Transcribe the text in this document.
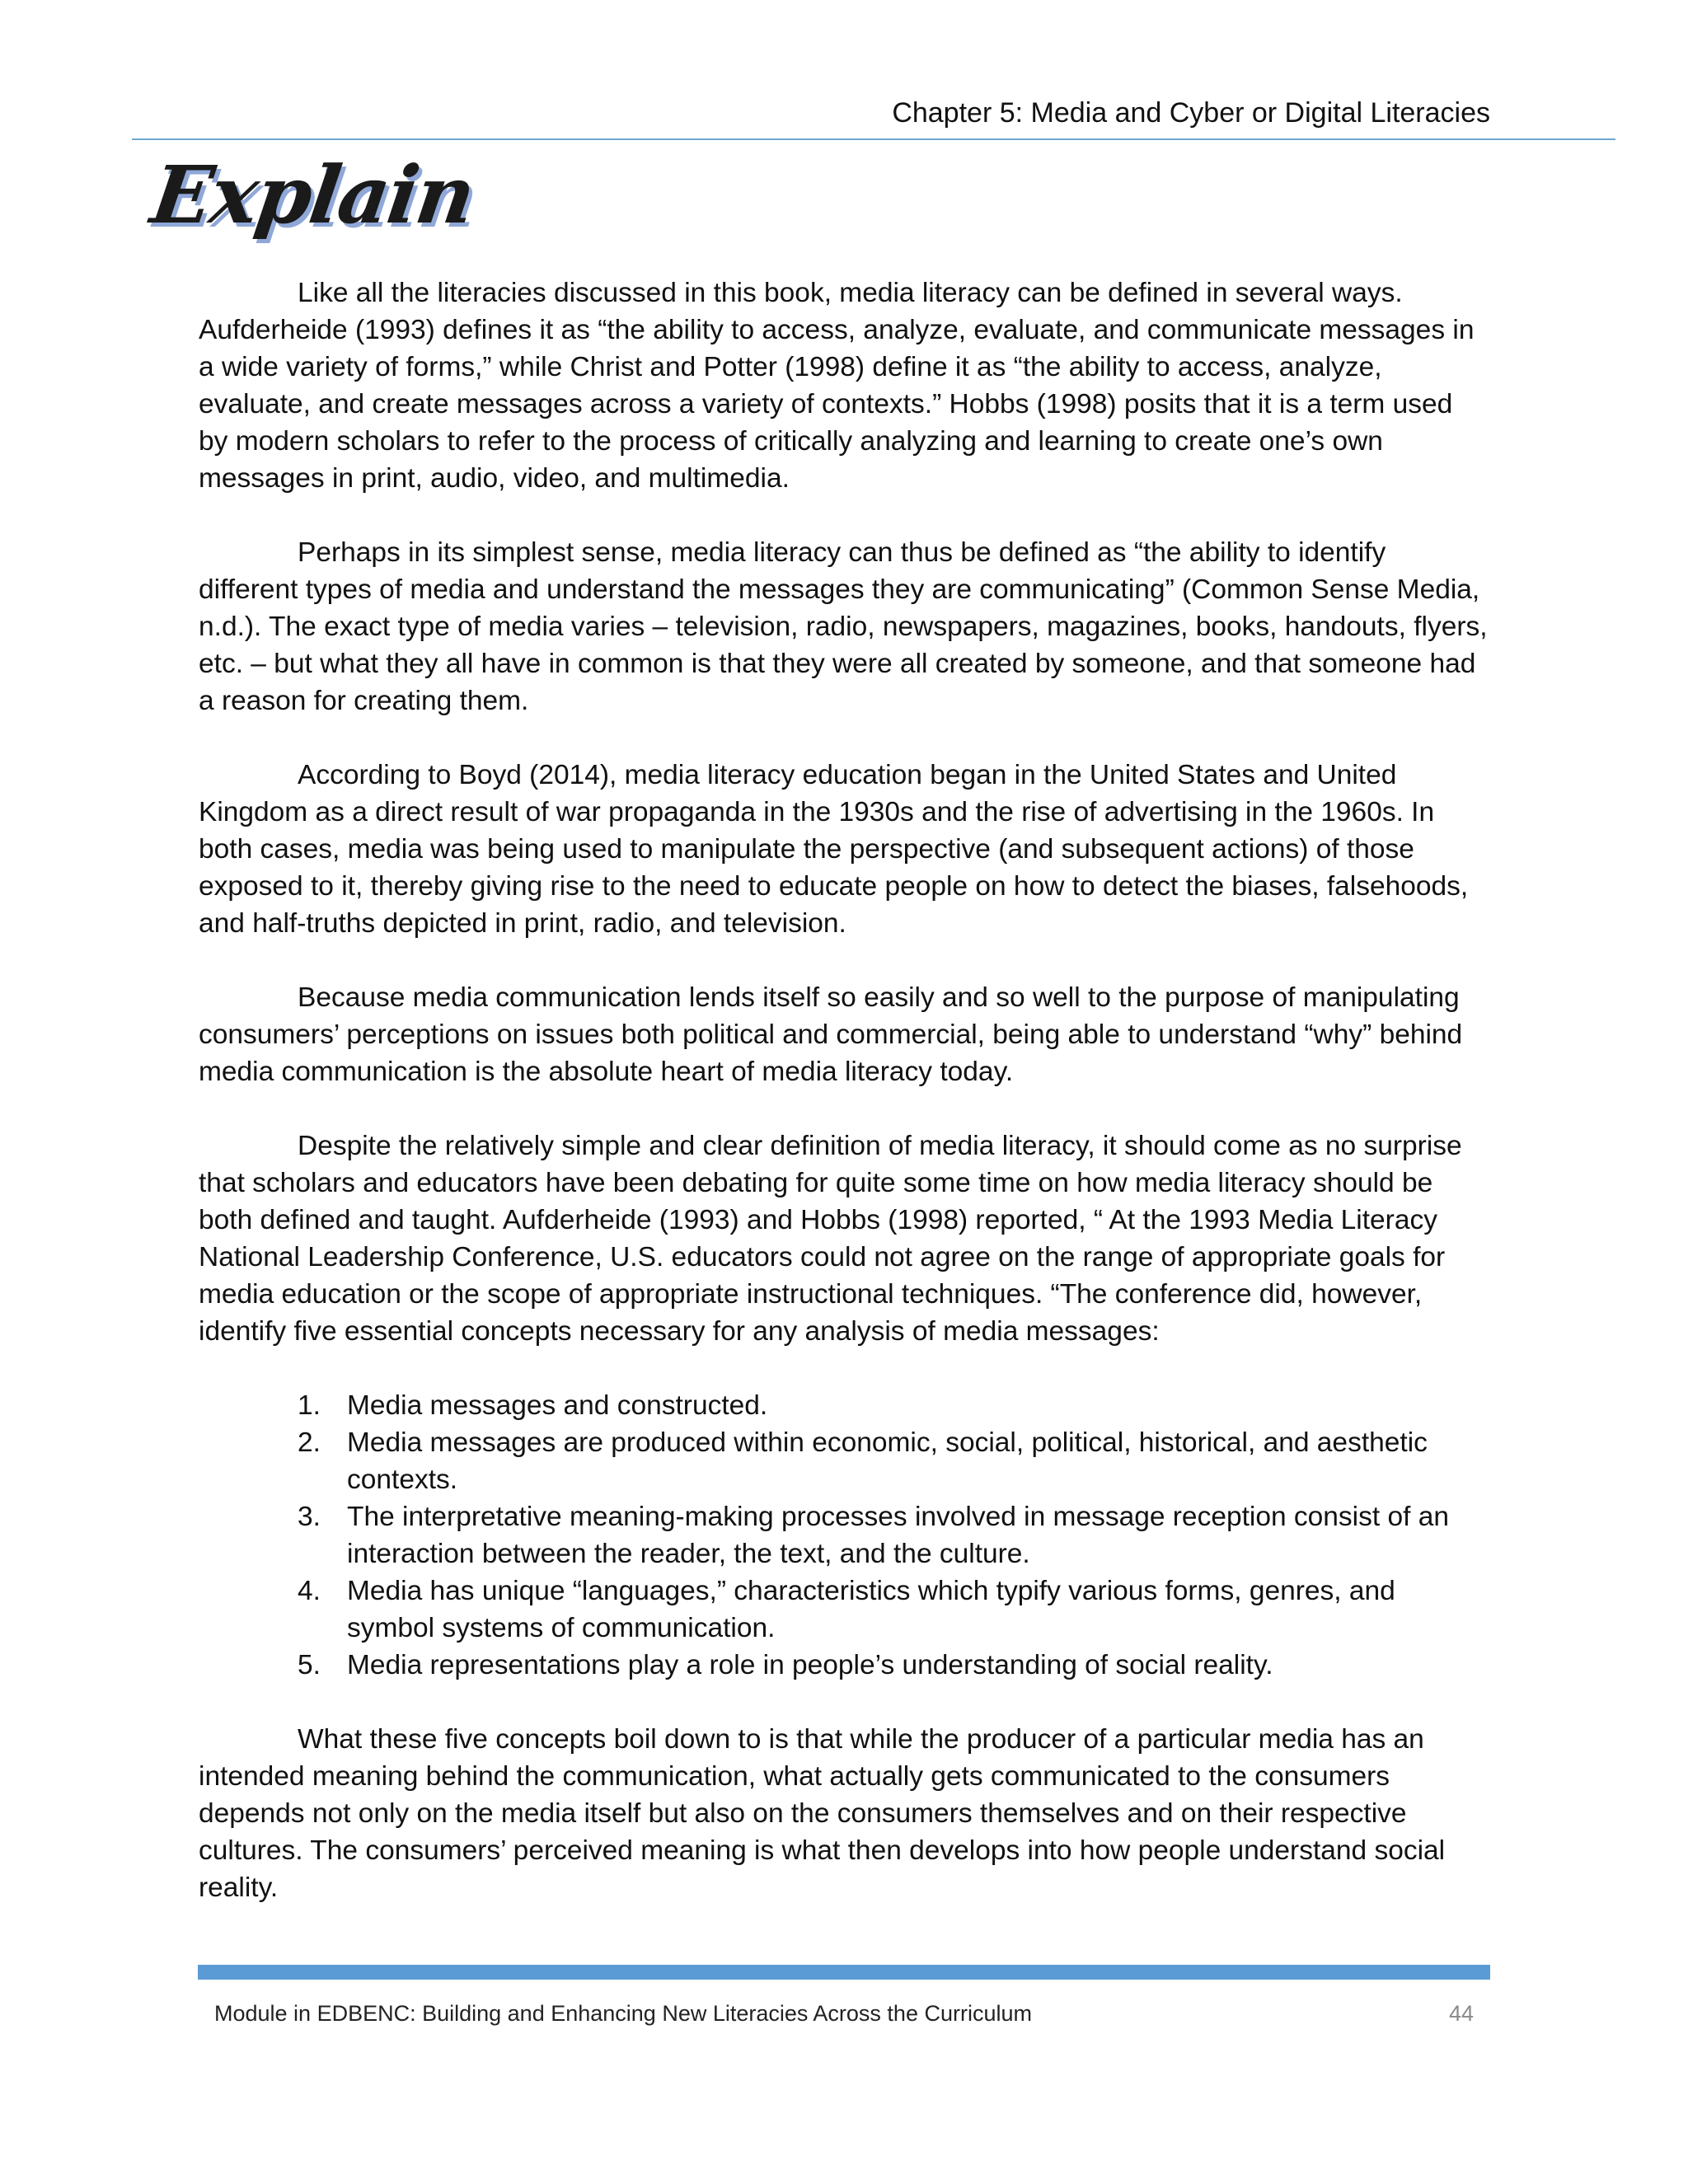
Chapter 5: Media and Cyber or Digital Literacies
Explain

Like all the literacies discussed in this book, media literacy can be defined in several ways. Aufderheide (1993) defines it as “the ability to access, analyze, evaluate, and communicate messages in a wide variety of forms,” while Christ and Potter (1998) define it as “the ability to access, analyze, evaluate, and create messages across a variety of contexts.” Hobbs (1998) posits that it is a term used by modern scholars to refer to the process of critically analyzing and learning to create one’s own messages in print, audio, video, and multimedia.

Perhaps in its simplest sense, media literacy can thus be defined as “the ability to identify different types of media and understand the messages they are communicating” (Common Sense Media, n.d.). The exact type of media varies – television, radio, newspapers, magazines, books, handouts, flyers, etc. – but what they all have in common is that they were all created by someone, and that someone had a reason for creating them.

According to Boyd (2014), media literacy education began in the United States and United Kingdom as a direct result of war propaganda in the 1930s and the rise of advertising in the 1960s. In both cases, media was being used to manipulate the perspective (and subsequent actions) of those exposed to it, thereby giving rise to the need to educate people on how to detect the biases, falsehoods, and half-truths depicted in print, radio, and television.

Because media communication lends itself so easily and so well to the purpose of manipulating consumers’ perceptions on issues both political and commercial, being able to understand “why” behind media communication is the absolute heart of media literacy today.

Despite the relatively simple and clear definition of media literacy, it should come as no surprise that scholars and educators have been debating for quite some time on how media literacy should be both defined and taught. Aufderheide (1993) and Hobbs (1998) reported, “ At the 1993 Media Literacy National Leadership Conference, U.S. educators could not agree on the range of appropriate goals for media education or the scope of appropriate instructional techniques. “The conference did, however, identify five essential concepts necessary for any analysis of media messages:

1. Media messages and constructed.
2. Media messages are produced within economic, social, political, historical, and aesthetic contexts.
3. The interpretative meaning-making processes involved in message reception consist of an interaction between the reader, the text, and the culture.
4. Media has unique “languages,” characteristics which typify various forms, genres, and symbol systems of communication.
5. Media representations play a role in people’s understanding of social reality.

What these five concepts boil down to is that while the producer of a particular media has an intended meaning behind the communication, what actually gets communicated to the consumers depends not only on the media itself but also on the consumers themselves and on their respective cultures. The consumers’ perceived meaning is what then develops into how people understand social reality.

Module in EDBENC: Building and Enhancing New Literacies Across the Curriculum	44
